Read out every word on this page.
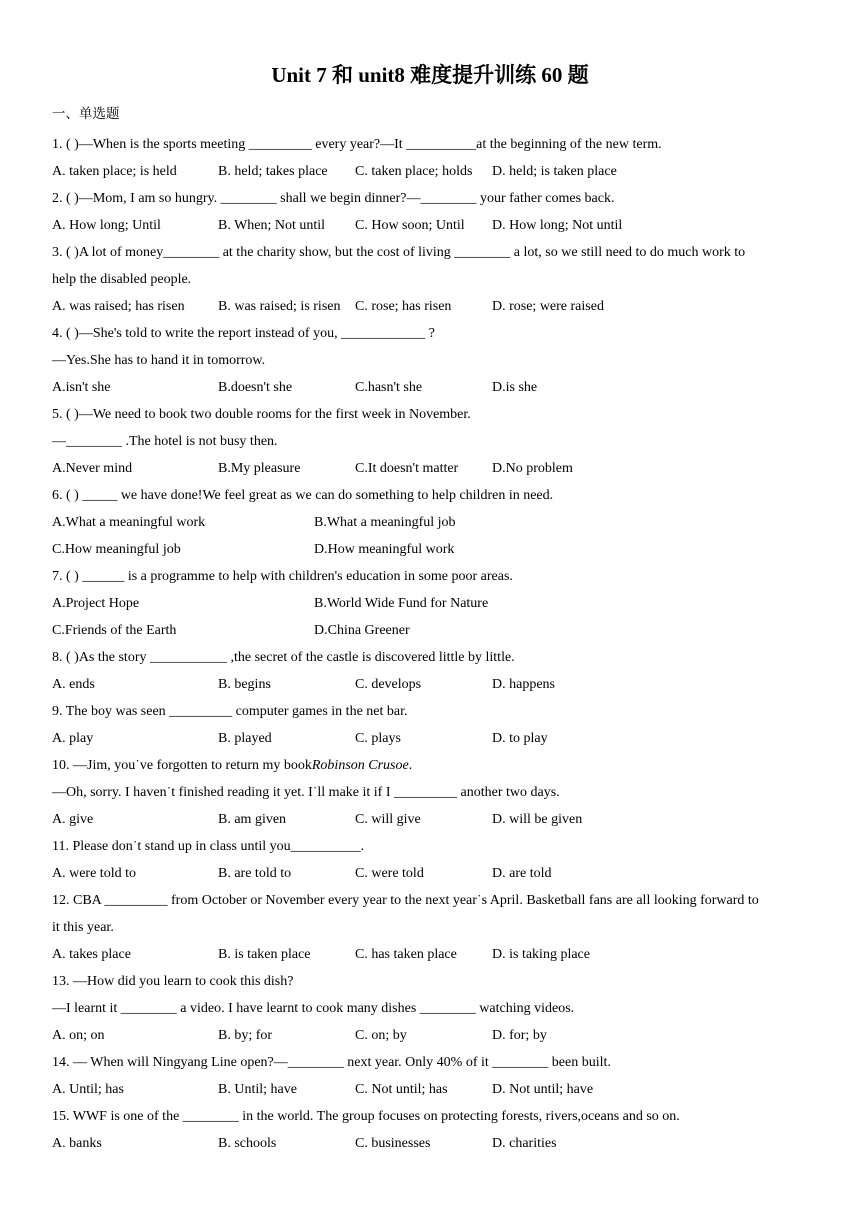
Unit 7 和 unit8 难度提升训练 60 题
一、单选题
1. ( )—When is the sports meeting _________ every year?—It __________at the beginning of the new term.
A. taken place; is held	B. held; takes place C. taken place; holds D. held; is taken place
2. ( )—Mom, I am so hungry. ________ shall we begin dinner?—________ your father comes back.
A. How long; Until	B. When; Not until C. How soon; Until D. How long; Not until
3. ( )A lot of money________ at the charity show, but the cost of living ________ a lot, so we still need to do much work to
help the disabled people.
A. was raised; has risen B. was raised; is risen C. rose; has risen	D. rose; were raised
4. ( )—She's told to write the report instead of you, ____________ ?
—Yes.She has to hand it in tomorrow.
A.isn't she	B.doesn't she	C.hasn't she	D.is she
5. ( )—We need to book two double rooms for the first week in November.
—________ .The hotel is not busy then.
A.Never mind	B.My pleasure	C.It doesn't matter D.No problem
6. ( ) _____ we have done!We feel great as we can do something to help children in need.
A.What a meaningful work	B.What a meaningful job
C.How meaningful job	D.How meaningful work
7. ( ) ______ is a programme to help with children's education in some poor areas.
A.Project Hope	B.World Wide Fund for Nature
C.Friends of the Earth	D.China Greener
8. ( )As the story ___________ ,the secret of the castle is discovered little by little.
A. ends	B. begins	C. develops	D. happens
9. The boy was seen _________ computer games in the net bar.
A. play	B. played	C. plays	D. to play
10. —Jim, you˙ve forgotten to return my bookRobinson Crusoe.
—Oh, sorry. I haven˙t finished reading it yet. I˙ll make it if I _________ another two days.
A. give	B. am given	C. will give	D. will be given
11. Please don˙t stand up in class until you__________.
A. were told to	B. are told to	C. were told	D. are told
12. CBA _________ from October or November every year to the next year˙s April. Basketball fans are all looking forward to
it this year.
A. takes place	B. is taken place	C. has taken place	D. is taking place
13. —How did you learn to cook this dish?
—I learnt it ________ a video. I have learnt to cook many dishes ________ watching videos.
A. on; on	B. by; for	C. on; by	D. for; by
14. — When will Ningyang Line open?—________ next year. Only 40% of it ________ been built.
A. Until; has	B. Until; have	C. Not until; has	D. Not until; have
15. WWF is one of the ________ in the world. The group focuses on protecting forests, rivers,oceans and so on.
A. banks	B. schools	C. businesses	D. charities
